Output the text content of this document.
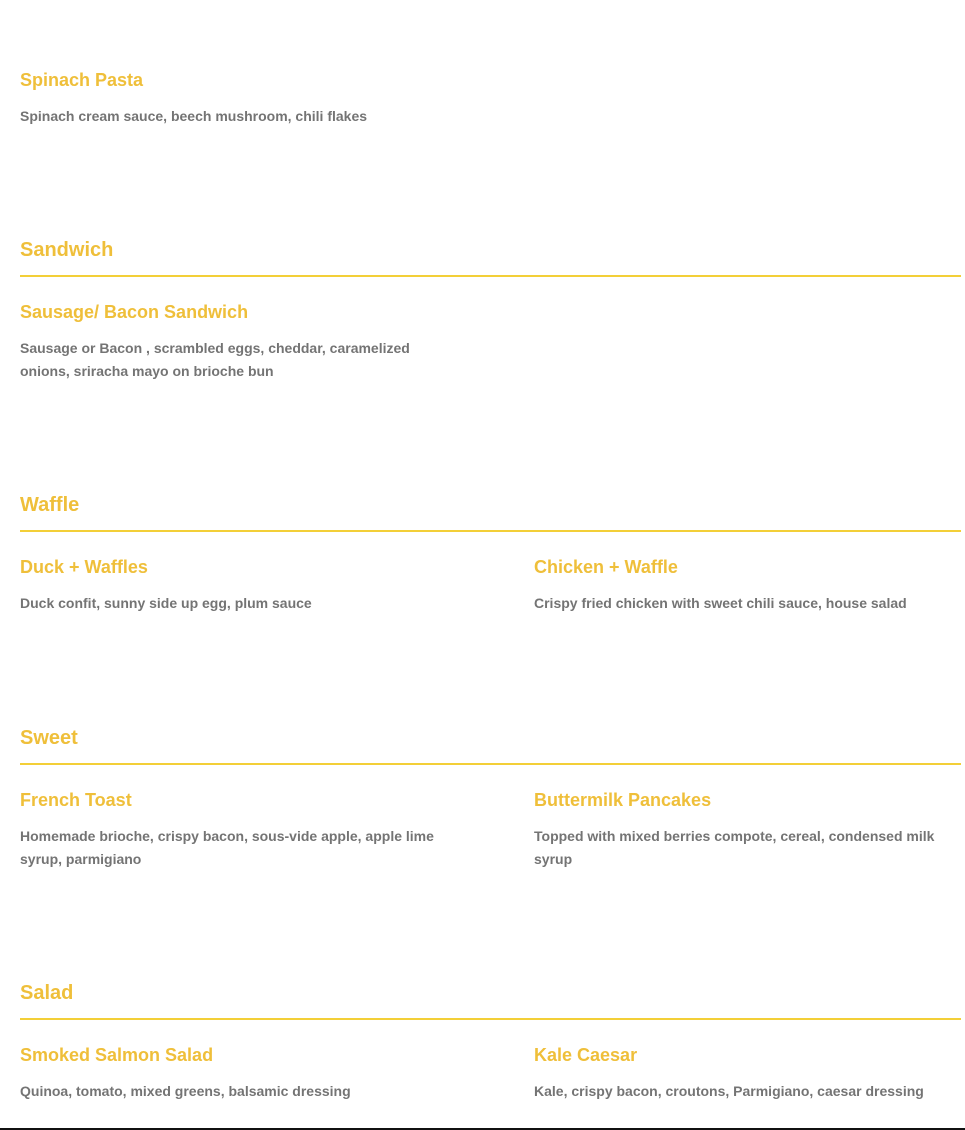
Spinach Pasta

Spinach cream sauce, beech mushroom, chili flakes

Sandwich
Sausage/ Bacon Sandwich

Sausage or Bacon , scrambled eggs, cheddar, caramelized onions, sriracha mayo on brioche bun

Waffle
Duck + Waffles

Duck confit, sunny side up egg, plum sauce

Chicken + Waffle

Crispy fried chicken with sweet chili sauce, house salad

Sweet
French Toast

Homemade brioche, crispy bacon, sous-vide apple, apple lime syrup, parmigiano

Buttermilk Pancakes

Topped with mixed berries compote, cereal, condensed milk syrup

Salad
Smoked Salmon Salad

Quinoa, tomato, mixed greens, balsamic dressing

Kale Caesar

Kale, crispy bacon, croutons, Parmigiano, caesar dressing
